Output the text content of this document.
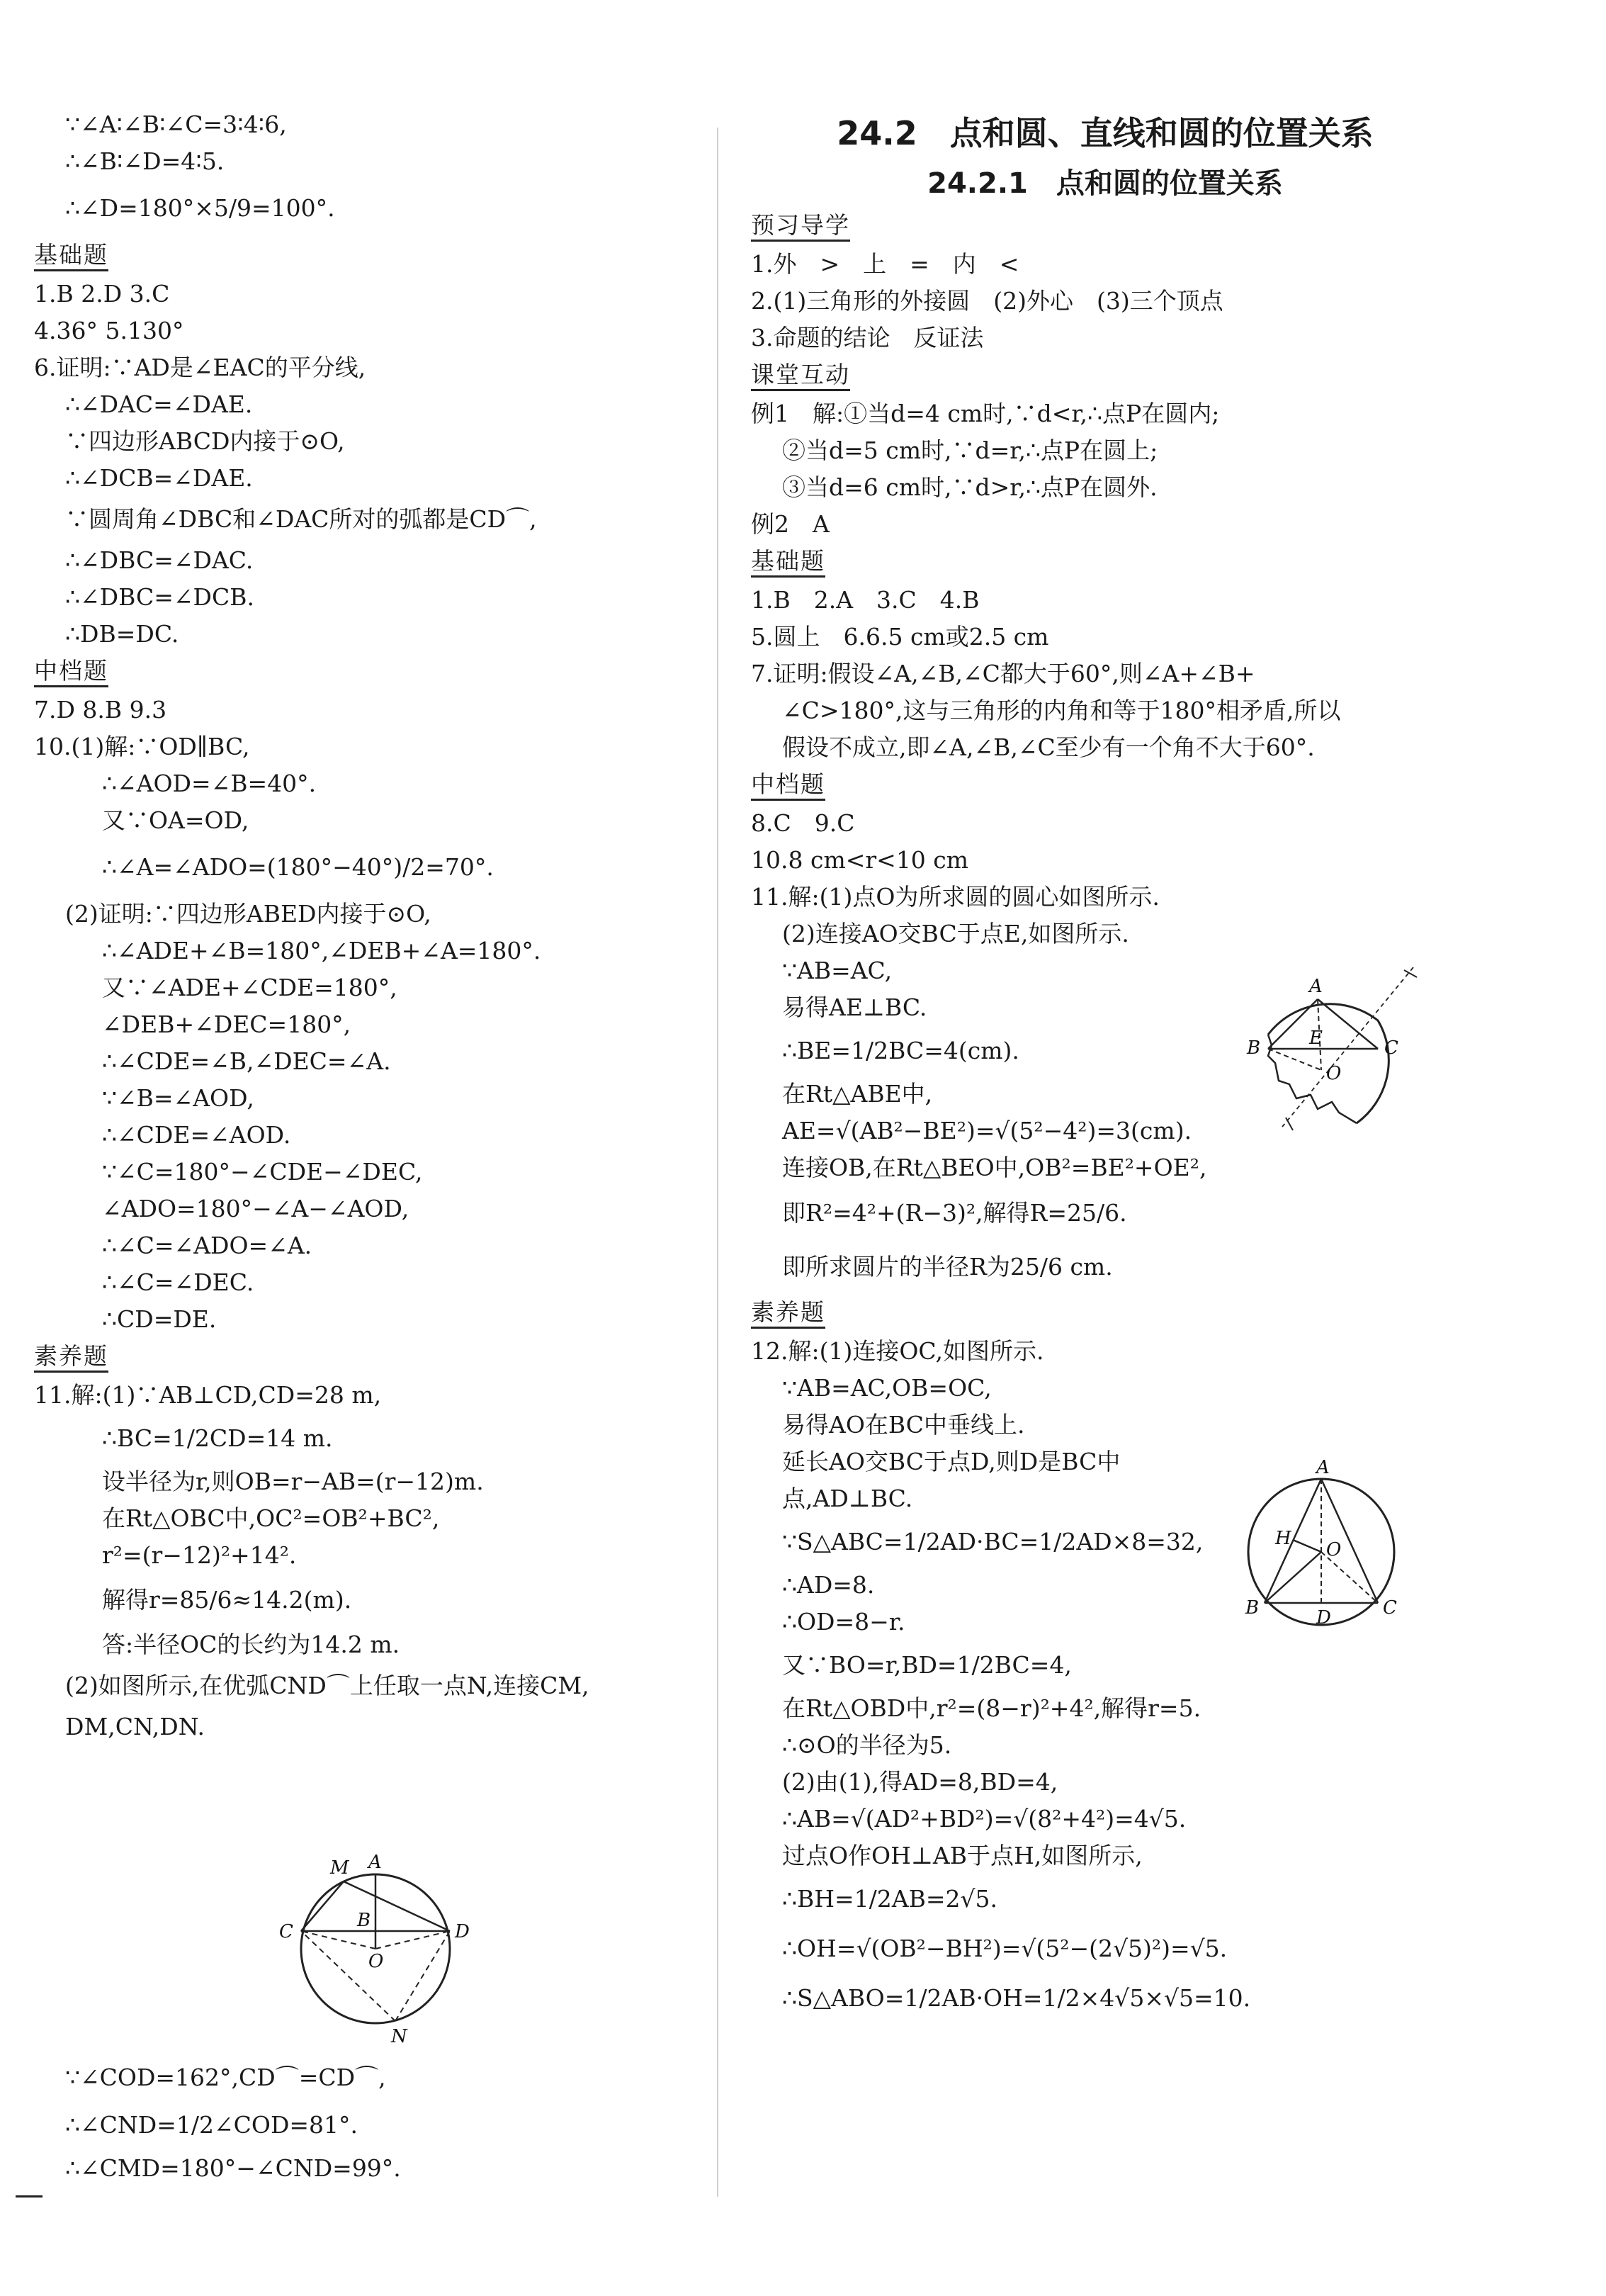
∵∠A∶∠B∶∠C=3∶4∶6,
∴∠B∶∠D=4∶5.
∴∠D=180°×5/9=100°.
基础题
1.B 2.D 3.C
4.36° 5.130°
6.证明:∵AD是∠EAC的平分线,
∴∠DAC=∠DAE.
∵四边形ABCD内接于⊙O,
∴∠DCB=∠DAE.
∵圆周角∠DBC和∠DAC所对的弧都是CD⌒,
∴∠DBC=∠DAC.
∴∠DBC=∠DCB.
∴DB=DC.
中档题
7.D 8.B 9.3
10.(1)解:∵OD∥BC,
∴∠AOD=∠B=40°.
又∵OA=OD,
∴∠A=∠ADO=(180°−40°)/2=70°.
(2)证明:∵四边形ABED内接于⊙O,
∴∠ADE+∠B=180°,∠DEB+∠A=180°.
又∵∠ADE+∠CDE=180°,
∠DEB+∠DEC=180°,
∴∠CDE=∠B,∠DEC=∠A.
∵∠B=∠AOD,
∴∠CDE=∠AOD.
∵∠C=180°−∠CDE−∠DEC,
∠ADO=180°−∠A−∠AOD,
∴∠C=∠ADO=∠A.
∴∠C=∠DEC.
∴CD=DE.
素养题
11.解:(1)∵AB⊥CD,CD=28 m,
∴BC=1/2CD=14 m.
设半径为r,则OB=r−AB=(r−12)m.
在Rt△OBC中,OC²=OB²+BC²,
r²=(r−12)²+14².
解得r=85/6≈14.2(m).
答:半径OC的长约为14.2 m.
(2)如图所示,在优弧CND⌒上任取一点N,连接CM,
DM,CN,DN.
M A
C
B
D
O
N
∵∠COD=162°,CD⌒=CD⌒,
∴∠CND=1/2∠COD=81°.
∴∠CMD=180°−∠CND=99°.
24.2　点和圆、直线和圆的位置关系
24.2.1　点和圆的位置关系
预习导学
1.外　>　上　=　内　<
2.(1)三角形的外接圆　(2)外心　(3)三个顶点
3.命题的结论　反证法
课堂互动
例1　解:①当d=4 cm时,∵d<r,∴点P在圆内;
②当d=5 cm时,∵d=r,∴点P在圆上;
③当d=6 cm时,∵d>r,∴点P在圆外.
例2　A
基础题
1.B　2.A　3.C　4.B
5.圆上　6.6.5 cm或2.5 cm
7.证明:假设∠A,∠B,∠C都大于60°,则∠A+∠B+
∠C>180°,这与三角形的内角和等于180°相矛盾,所以
假设不成立,即∠A,∠B,∠C至少有一个角不大于60°.
中档题
8.C　9.C
10.8 cm<r<10 cm
11.解:(1)点O为所求圆的圆心如图所示.
(2)连接AO交BC于点E,如图所示.
∵AB=AC,
易得AE⊥BC.
∴BE=1/2BC=4(cm).
在Rt△ABE中,
AE=√(AB²−BE²)=√(5²−4²)=3(cm).
连接OB,在Rt△BEO中,OB²=BE²+OE²,
即R²=4²+(R−3)²,解得R=25/6.
即所求圆片的半径R为25/6 cm.
素养题
12.解:(1)连接OC,如图所示.
∵AB=AC,OB=OC,
易得AO在BC中垂线上.
延长AO交BC于点D,则D是BC中
点,AD⊥BC.
∵S△ABC=1/2AD·BC=1/2AD×8=32,
∴AD=8.
∴OD=8−r.
又∵BO=r,BD=1/2BC=4,
在Rt△OBD中,r²=(8−r)²+4²,解得r=5.
∴⊙O的半径为5.
(2)由(1),得AD=8,BD=4,
∴AB=√(AD²+BD²)=√(8²+4²)=4√5.
过点O作OH⊥AB于点H,如图所示,
∴BH=1/2AB=2√5.
∴OH=√(OB²−BH²)=√(5²−(2√5)²)=√5.
∴S△ABO=1/2AB·OH=1/2×4√5×√5=10.
A
B	E
O
C
A
H
O
B	D	C
